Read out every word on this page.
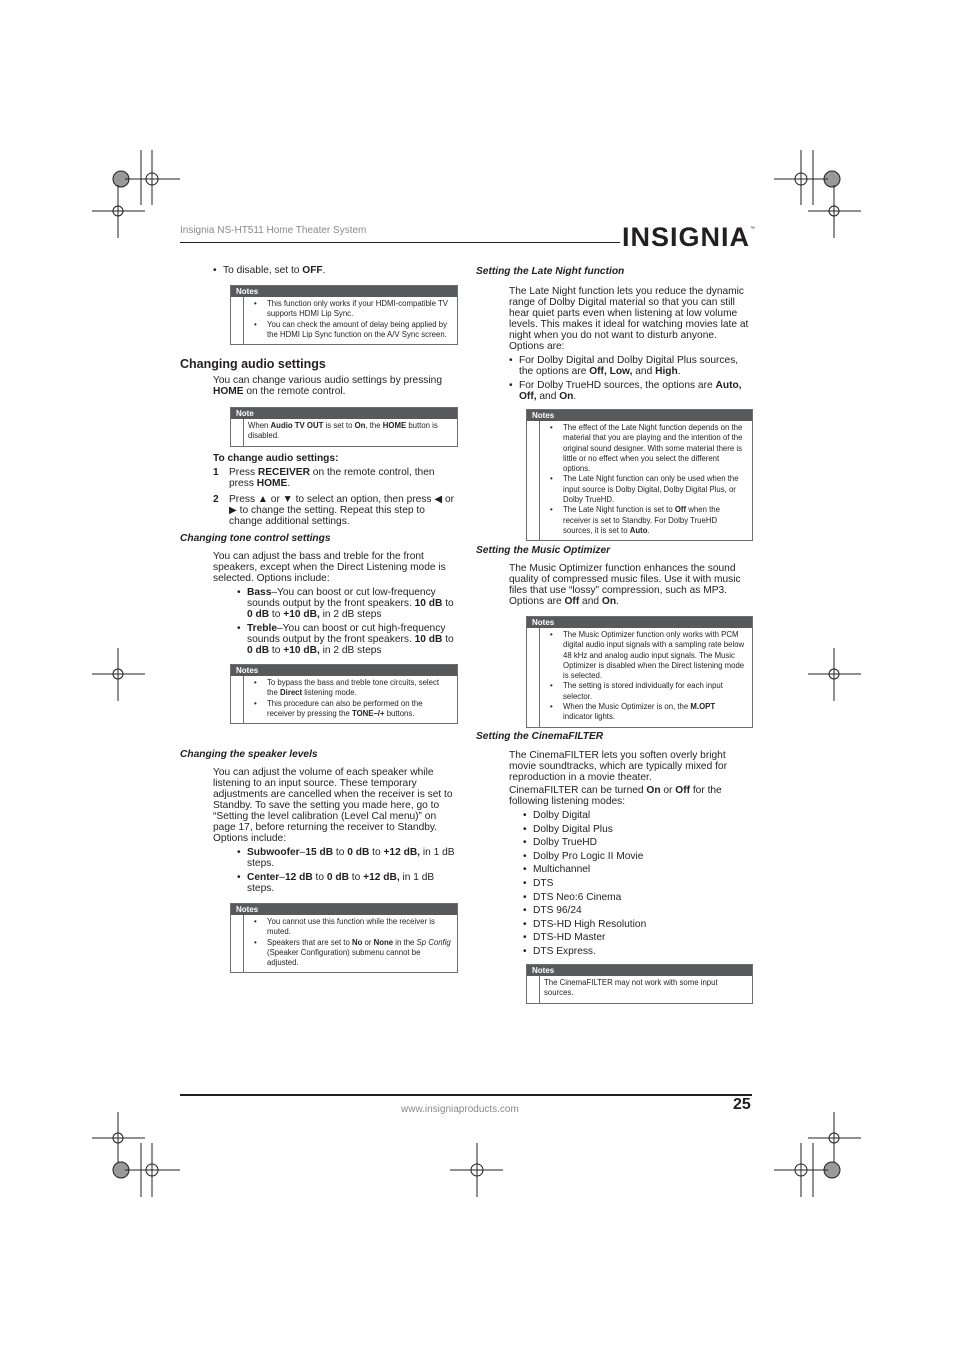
Insignia NS-HT511 Home Theater System	INSIGNIA ™

• To disable, set to OFF.

Notes

• This function only works if your HDMI-compatible TV supports HDMI Lip Sync.

• You can check the amount of delay being applied by the HDMI Lip Sync function on the A/V Sync screen.

Changing audio settings

You can change various audio settings by pressing HOME on the remote control.

Note
When Audio TV OUT is set to On, the HOME button is disabled.

To change audio settings:

1 Press RECEIVER on the remote control, then press HOME.

2 Press ▲ or ▼ to select an option, then press ◀ or ▶ to change the setting. Repeat this step to change additional settings.

Changing tone control settings

You can adjust the bass and treble for the front speakers, except when the Direct Listening mode is selected. Options include:

• Bass–You can boost or cut low-frequency sounds output by the front speakers. 10 dB to 0 dB to +10 dB, in 2 dB steps

• Treble–You can boost or cut high-frequency sounds output by the front speakers. 10 dB to 0 dB to +10 dB, in 2 dB steps

Notes

• To bypass the bass and treble tone circuits, select the Direct listening mode.

• This procedure can also be performed on the receiver by pressing the TONE–/+ buttons.

Changing the speaker levels

You can adjust the volume of each speaker while listening to an input source. These temporary adjustments are cancelled when the receiver is set to Standby. To save the setting you made here, go to “Setting the level calibration (Level Cal menu)” on page 17, before returning the receiver to Standby. Options include:

• Subwoofer–15 dB to 0 dB to +12 dB, in 1 dB steps.

• Center–12 dB to 0 dB to +12 dB, in 1 dB steps.

Notes

• You cannot use this function while the receiver is muted.

• Speakers that are set to No or None in the Sp Config (Speaker Configuration) submenu cannot be adjusted.

Setting the Late Night function

The Late Night function lets you reduce the dynamic range of Dolby Digital material so that you can still hear quiet parts even when listening at low volume levels. This makes it ideal for watching movies late at night when you do not want to disturb anyone. Options are:

• For Dolby Digital and Dolby Digital Plus sources, the options are Off, Low, and High.

• For Dolby TrueHD sources, the options are Auto, Off, and On.

Notes

• The effect of the Late Night function depends on the material that you are playing and the intention of the original sound designer. With some material there is little or no effect when you select the different options.

• The Late Night function can only be used when the input source is Dolby Digital, Dolby Digital Plus, or Dolby TrueHD.

• The Late Night function is set to Off when the receiver is set to Standby. For Dolby TrueHD sources, it is set to Auto.

Setting the Music Optimizer

The Music Optimizer function enhances the sound quality of compressed music files. Use it with music files that use “lossy” compression, such as MP3. Options are Off and On.

Notes

• The Music Optimizer function only works with PCM digital audio input signals with a sampling rate below 48 kHz and analog audio input signals. The Music Optimizer is disabled when the Direct listening mode is selected.

• The setting is stored individually for each input selector.

• When the Music Optimizer is on, the M.OPT indicator lights.

Setting the CinemaFILTER

The CinemaFILTER lets you soften overly bright movie soundtracks, which are typically mixed for reproduction in a movie theater.

CinemaFILTER can be turned On or Off for the following listening modes:

• Dolby Digital

• Dolby Digital Plus

• Dolby TrueHD

• Dolby Pro Logic II Movie

• Multichannel

• DTS

• DTS Neo:6 Cinema

• DTS 96/24

• DTS-HD High Resolution

• DTS-HD Master

• DTS Express.

Notes
The CinemaFILTER may not work with some input sources.
www.insigniaproducts.com	25
